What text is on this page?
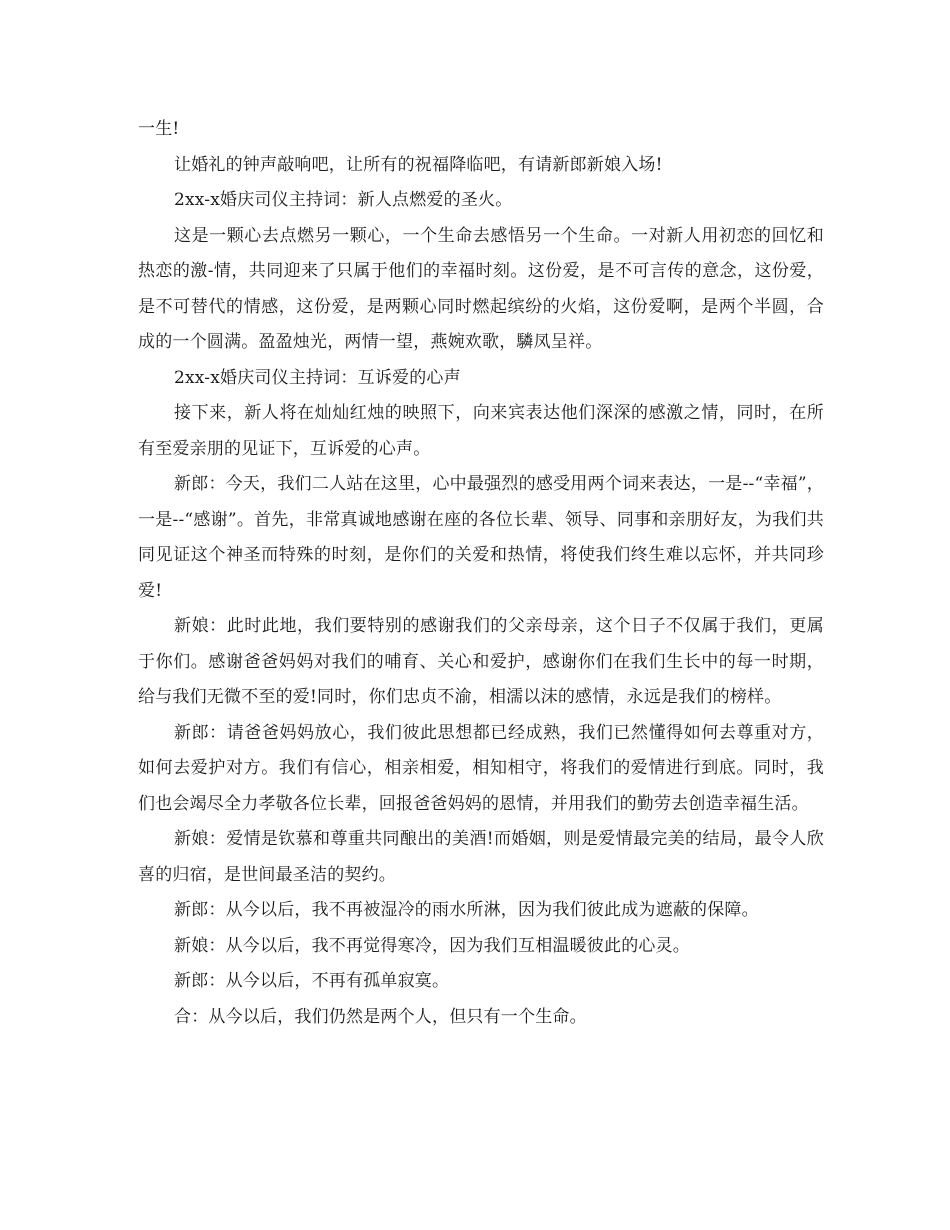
一生!

让婚礼的钟声敲响吧，让所有的祝福降临吧，有请新郎新娘入场!

2xx-x婚庆司仪主持词：新人点燃爱的圣火。

这是一颗心去点燃另一颗心，一个生命去感悟另一个生命。一对新人用初恋的回忆和热恋的激-情，共同迎来了只属于他们的幸福时刻。这份爱，是不可言传的意念，这份爱，是不可替代的情感，这份爱，是两颗心同时燃起缤纷的火焰，这份爱啊，是两个半圆，合成的一个圆满。盈盈烛光，两情一望，燕婉欢歌，驎凤呈祥。

2xx-x婚庆司仪主持词：互诉爱的心声

接下来，新人将在灿灿红烛的映照下，向来宾表达他们深深的感激之情，同时，在所有至爱亲朋的见证下，互诉爱的心声。

新郎：今天，我们二人站在这里，心中最强烈的感受用两个词来表达，一是--“幸福”，一是--“感谢”。首先，非常真诚地感谢在座的各位长辈、领导、同事和亲朋好友，为我们共同见证这个神圣而特殊的时刻，是你们的关爱和热情，将使我们终生难以忘怀，并共同珍爱!

新娘：此时此地，我们要特别的感谢我们的父亲母亲，这个日子不仅属于我们，更属于你们。感谢爸爸妈妈对我们的哺育、关心和爱护，感谢你们在我们生长中的每一时期，给与我们无微不至的爱!同时，你们忠贞不渝，相濡以沫的感情，永远是我们的榜样。

新郎：请爸爸妈妈放心，我们彼此思想都已经成熟，我们已然懂得如何去尊重对方，如何去爱护对方。我们有信心，相亲相爱，相知相守，将我们的爱情进行到底。同时，我们也会竭尽全力孝敬各位长辈，回报爸爸妈妈的恩情，并用我们的勤劳去创造幸福生活。

新娘：爱情是钦慕和尊重共同酿出的美酒!而婚姻，则是爱情最完美的结局，最令人欣喜的归宿，是世间最圣洁的契约。

新郎：从今以后，我不再被湿冷的雨水所淋，因为我们彼此成为遮蔽的保障。

新娘：从今以后，我不再觉得寒冷，因为我们互相温暖彼此的心灵。

新郎：从今以后，不再有孤单寂寞。

合：从今以后，我们仍然是两个人，但只有一个生命。
